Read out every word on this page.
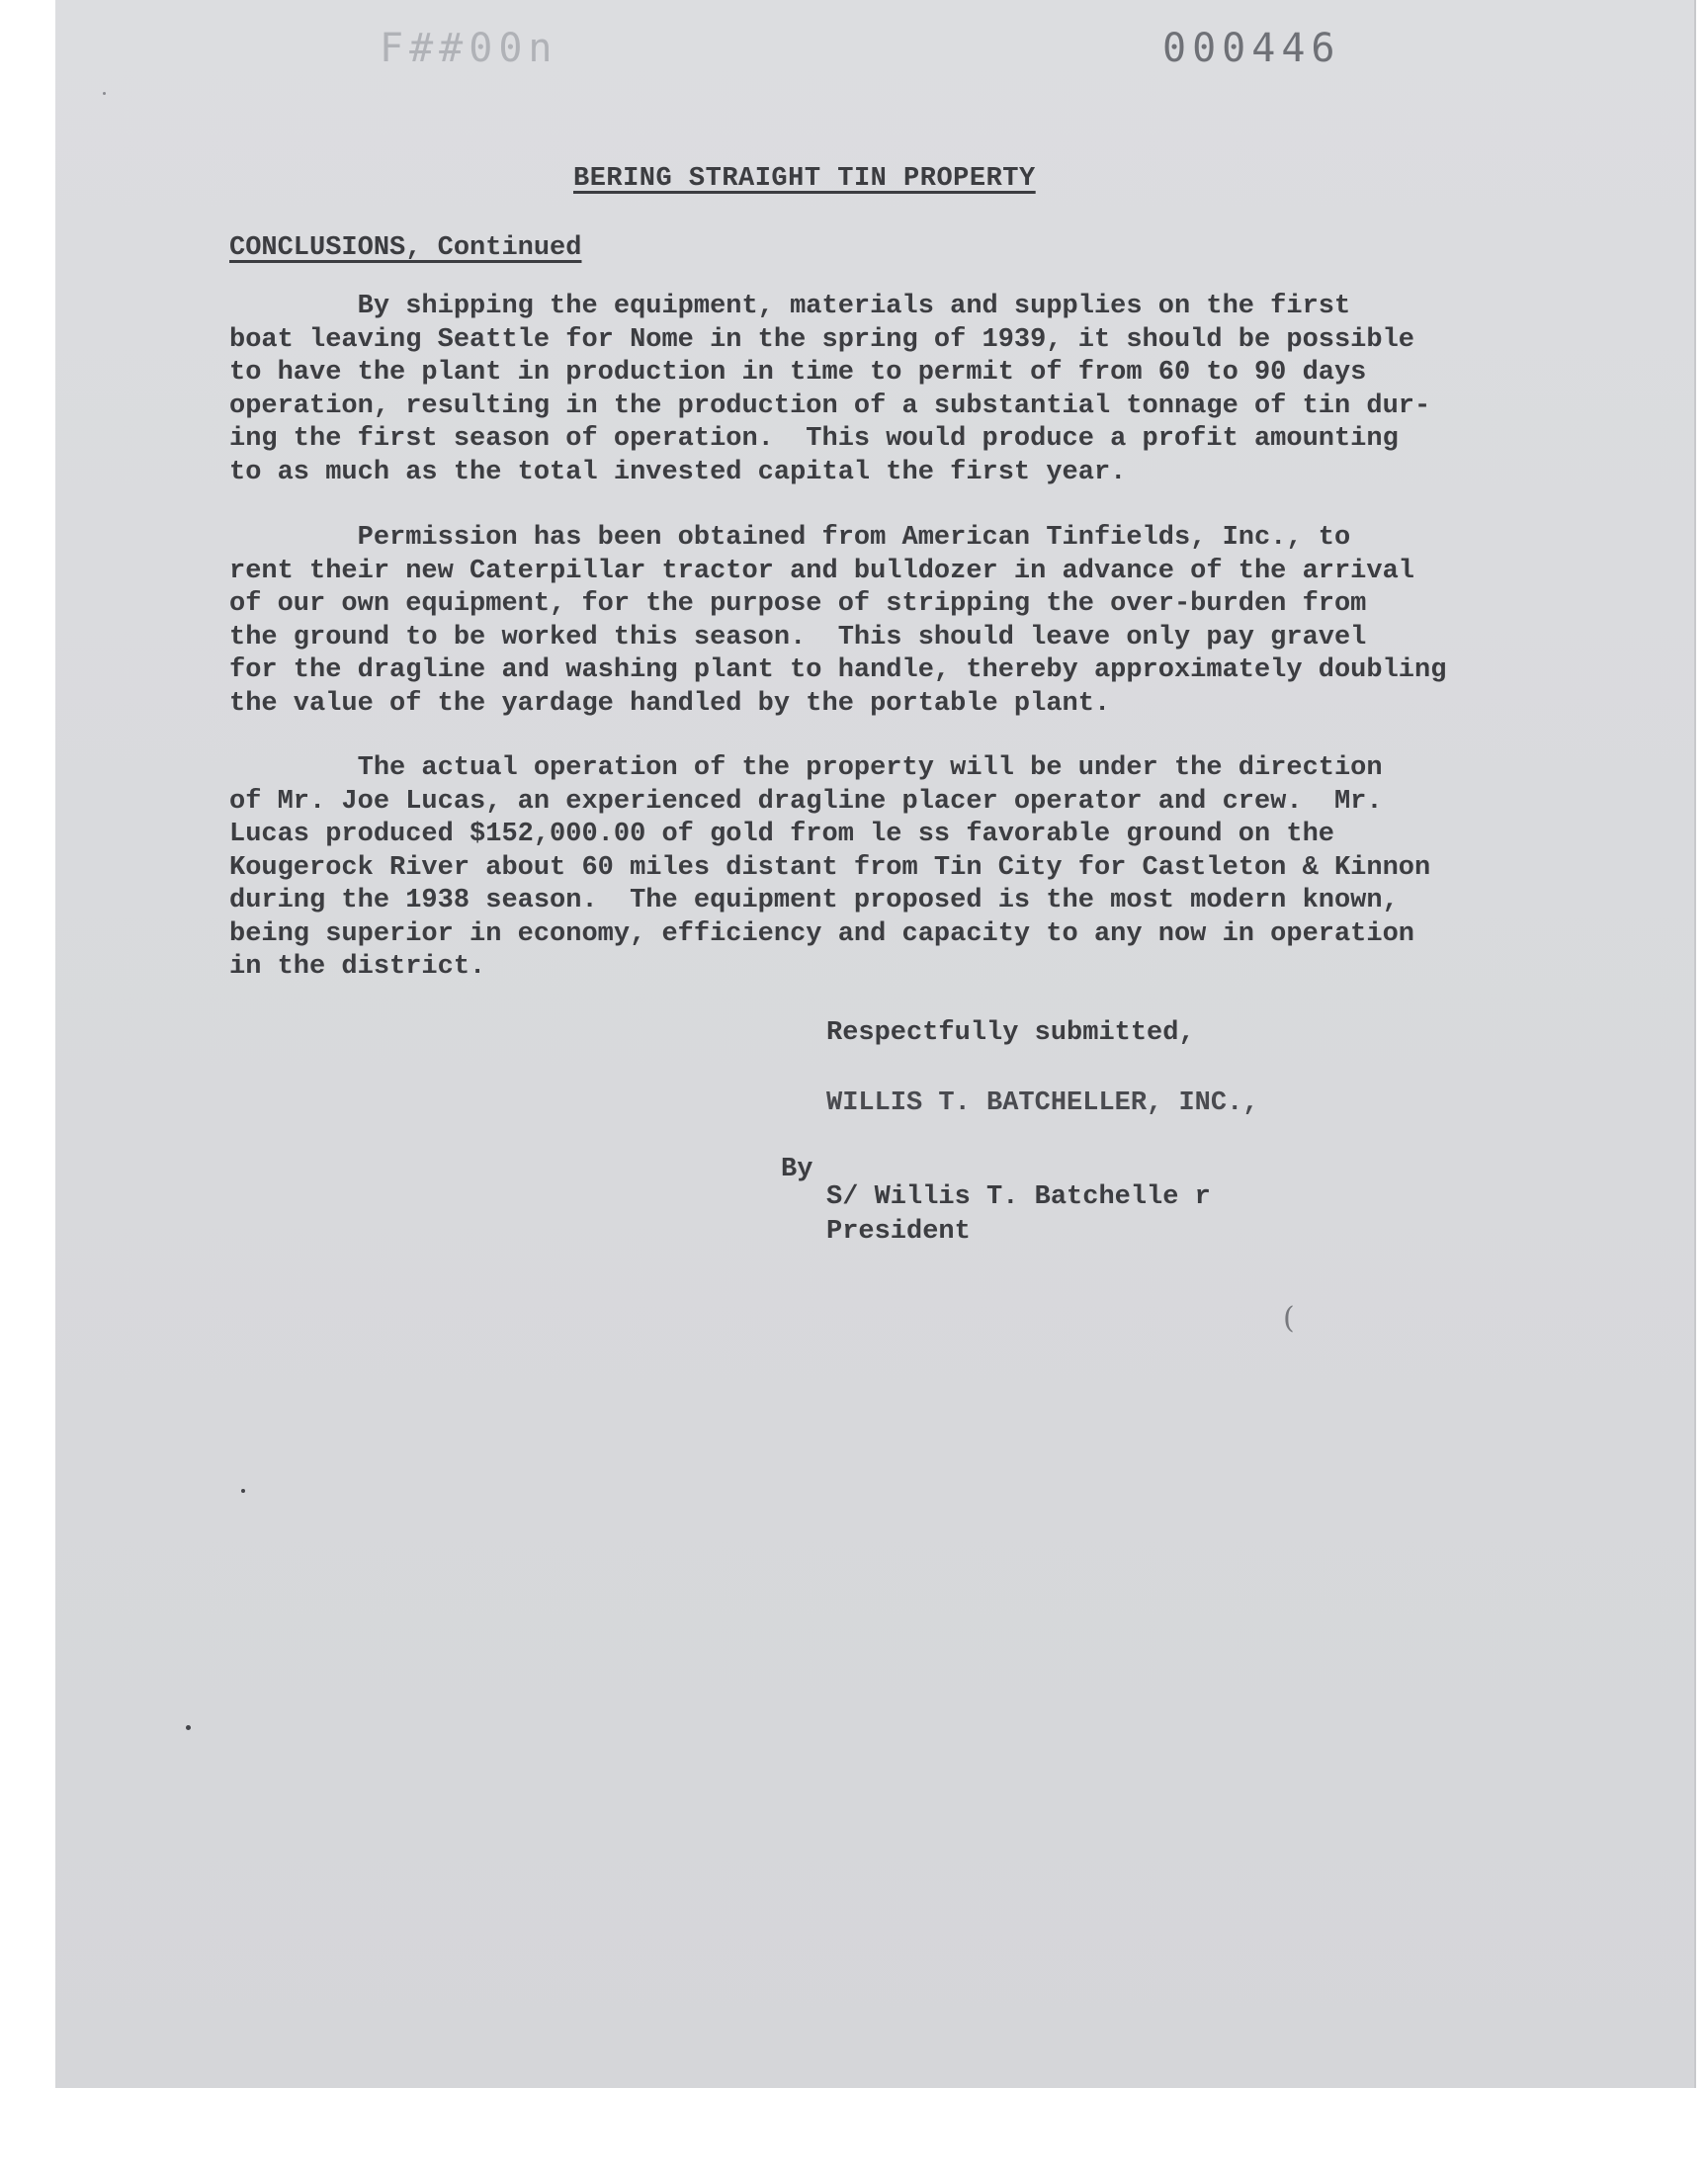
F##00n	000446
BERING STRAIGHT TIN PROPERTY
CONCLUSIONS, Continued

By shipping the equipment, materials and supplies on the first
boat leaving Seattle for Nome in the spring of 1939, it should be possible
to have the plant in production in time to permit of from 60 to 90 days
operation, resulting in the production of a substantial tonnage of tin dur-
ing the first season of operation.  This would produce a profit amounting
to as much as the total invested capital the first year.

Permission has been obtained from American Tinfields, Inc., to
rent their new Caterpillar tractor and bulldozer in advance of the arrival
of our own equipment, for the purpose of stripping the over-burden from
the ground to be worked this season.  This should leave only pay gravel
for the dragline and washing plant to handle, thereby approximately doubling
the value of the yardage handled by the portable plant.

The actual operation of the property will be under the direction
of Mr. Joe Lucas, an experienced dragline placer operator and crew.  Mr.
Lucas produced $152,000.00 of gold from le ss favorable ground on the
Kougerock River about 60 miles distant from Tin City for Castleton & Kinnon
during the 1938 season.  The equipment proposed is the most modern known,
being superior in economy, efficiency and capacity to any now in operation
in the district.

Respectfully submitted,
WILLIS T. BATCHELLER, INC.,
By
S/ Willis T. Batchelle r
President
(
